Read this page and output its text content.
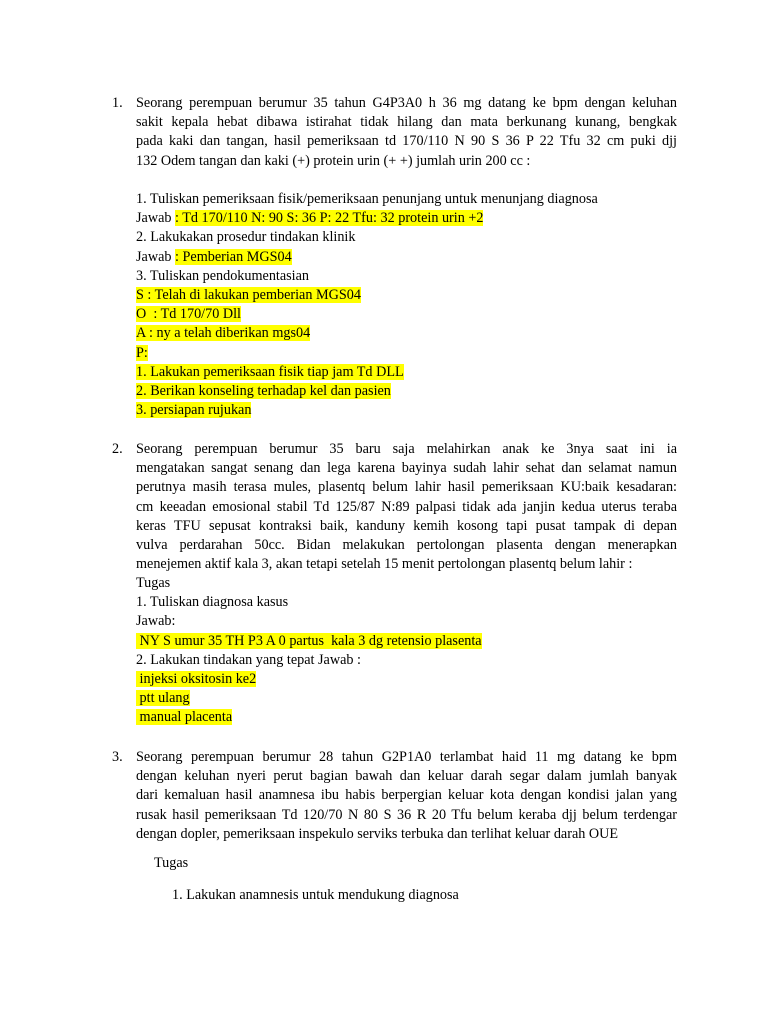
1. Seorang perempuan berumur 35 tahun G4P3A0 h 36 mg datang ke bpm dengan keluhan

sakit kepala hebat dibawa istirahat tidak hilang dan mata berkunang kunang, bengkak

pada kaki dan tangan, hasil pemeriksaan td 170/110 N 90 S 36 P 22 Tfu 32 cm puki djj

132 Odem tangan dan kaki (+) protein urin (+ +) jumlah urin 200 cc :

1. Tuliskan pemeriksaan fisik/pemeriksaan penunjang untuk menunjang diagnosa
Jawab : Td 170/110 N: 90 S: 36 P: 22 Tfu: 32 protein urin +2
2. Lakukakan prosedur tindakan klinik
Jawab : Pemberian MGS04
3. Tuliskan pendokumentasian
S : Telah di lakukan pemberian MGS04
O  : Td 170/70 Dll
A : ny a telah diberikan mgs04
P:
1. Lakukan pemeriksaan fisik tiap jam Td DLL
2. Berikan konseling terhadap kel dan pasien
3. persiapan rujukan
2. Seorang perempuan berumur 35 baru saja melahirkan anak ke 3nya saat ini ia

mengatakan sangat senang dan lega karena bayinya sudah lahir sehat dan selamat namun

perutnya masih terasa mules, plasentq belum lahir hasil pemeriksaan KU:baik kesadaran:

cm keeadan emosional stabil Td 125/87 N:89 palpasi tidak ada janjin kedua uterus teraba

keras TFU sepusat kontraksi baik, kanduny kemih kosong tapi pusat tampak di depan

vulva perdarahan 50cc. Bidan melakukan pertolongan plasenta dengan menerapkan

menejemen aktif kala 3, akan tetapi setelah 15 menit pertolongan plasentq belum lahir :

Tugas
1. Tuliskan diagnosa kasus
Jawab:
NY S umur 35 TH P3 A 0 partus  kala 3 dg retensio plasenta
2. Lakukan tindakan yang tepat Jawab :
injeksi oksitosin ke2
ptt ulang
manual placenta
3. Seorang perempuan berumur 28 tahun G2P1A0 terlambat haid 11 mg datang ke bpm

dengan keluhan nyeri perut bagian bawah dan keluar darah segar dalam jumlah banyak

dari kemaluan hasil anamnesa ibu habis berpergian keluar kota dengan kondisi jalan yang

rusak hasil pemeriksaan Td 120/70 N 80 S 36 R 20 Tfu belum keraba djj belum terdengar

dengan dopler, pemeriksaan inspekulo serviks terbuka dan terlihat keluar darah OUE

Tugas
1. Lakukan anamnesis untuk mendukung diagnosa
